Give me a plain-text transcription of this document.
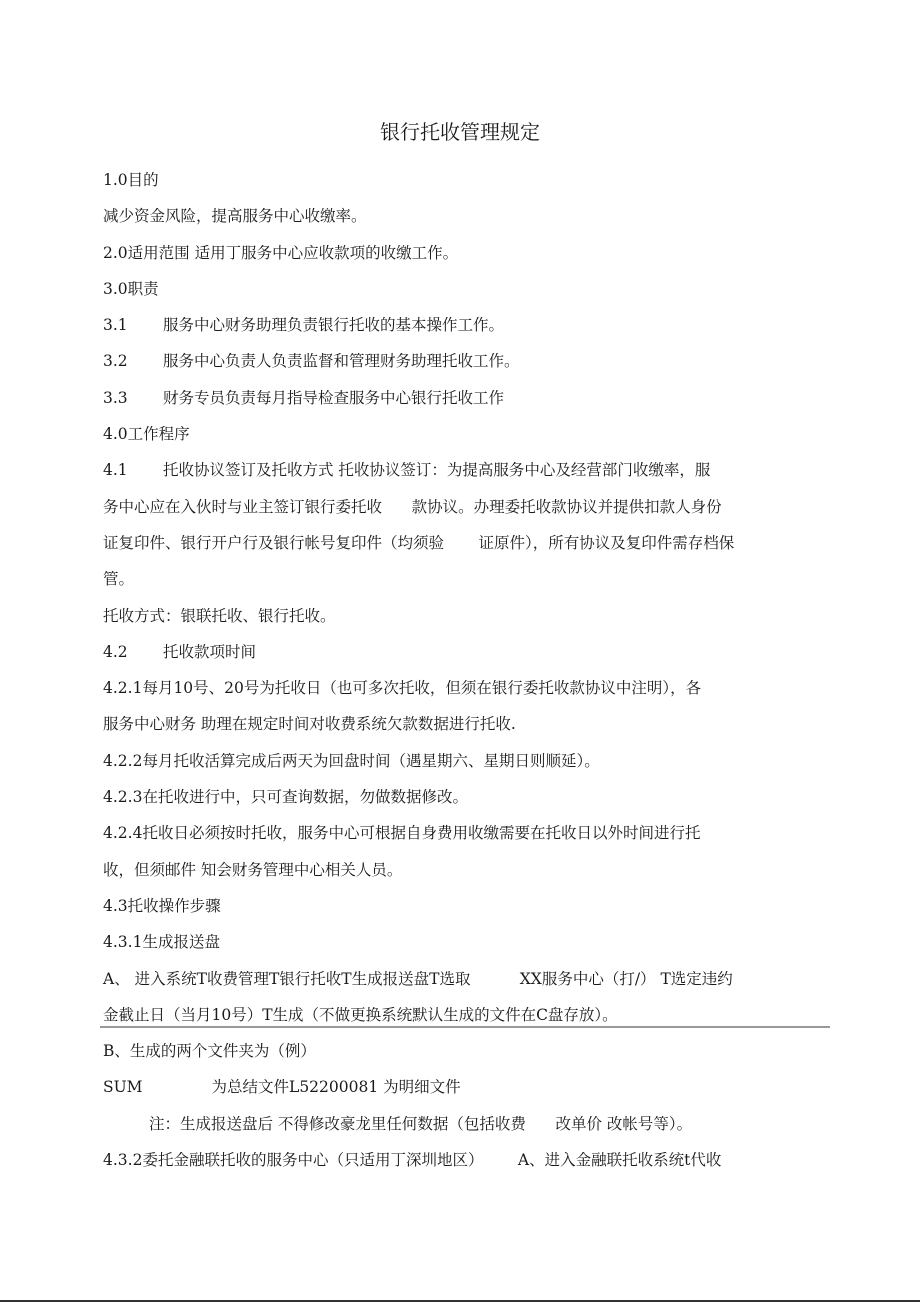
银行托收管理规定
1.0目的
减少资金风险，提高服务中心收缴率。
2.0适用范围 适用丁服务中心应收款项的收缴工作。
3.0职责
3.1 服务中心财务助理负责银行托收的基本操作工作。
3.2 服务中心负责人负责监督和管理财务助理托收工作。
3.3 财务专员负责每月指导检查服务中心银行托收工作
4.0工作程序
4.1 托收协议签订及托收方式 托收协议签订：为提高服务中心及经营部门收缴率，服
务中心应在入伙时与业主签订银行委托收      款协议。办理委托收款协议并提供扣款人身份
证复印件、银行开户行及银行帐号复印件（均须验       证原件），所有协议及复印件需存档保
管。
托收方式：银联托收、银行托收。
4.2 托收款项时间
4.2.1每月10号、20号为托收日（也可多次托收，但须在银行委托收款协议中注明），各
服务中心财务 助理在规定时间对收费系统欠款数据进行托收.
4.2.2每月托收活算完成后两天为回盘时间（遇星期六、星期日则顺延）。
4.2.3在托收进行中，只可查询数据，勿做数据修改。
4.2.4托收日必须按时托收，服务中心可根据自身费用收缴需要在托收日以外时间进行托
收，但须邮件 知会财务管理中心相关人员。
4.3托收操作步骤
4.3.1生成报送盘
A、 进入系统T收费管理T银行托收T生成报送盘T选取          XX服务中心（打/） T选定违约
金截止日（当月10号）T生成（不做更换系统默认生成的文件在C盘存放）。
B、生成的两个文件夹为（例）
SUM              为总结文件L52200081 为明细文件
注：生成报送盘后 不得修改豪龙里任何数据（包括收费      改单价 改帐号等）。
4.3.2委托金融联托收的服务中心（只适用丁深圳地区）       A、进入金融联托收系统t代收
